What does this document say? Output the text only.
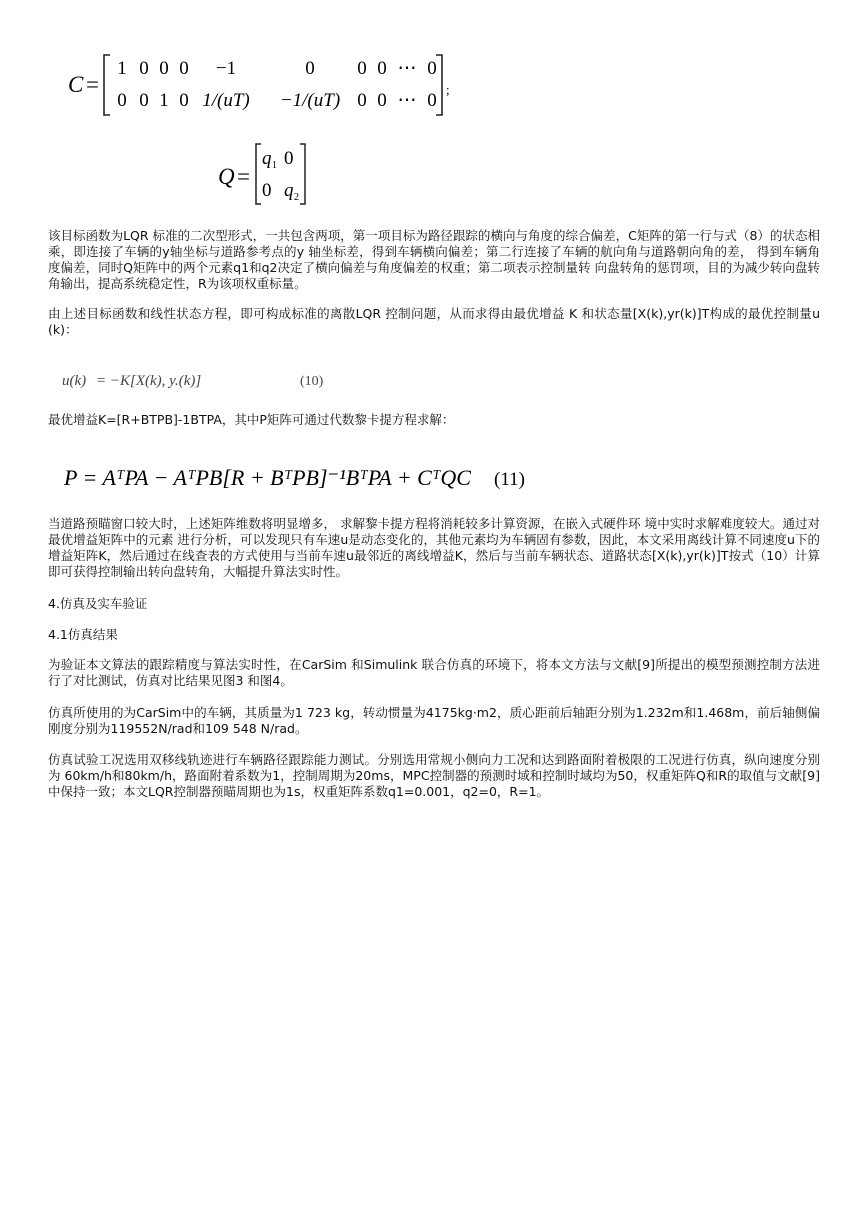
C =
1 0 0 0 −1	0 0 0 ⋯ 0
0 0 1 0 1/(uT) −1/(uT) 0 0 ⋯ 0
;
Q =
q 1 0
0 q 2
该目标函数为LQR 标准的二次型形式，一共包含两项，第一项目标为路径跟踪的横向与角度的综合偏差，C矩阵的第一行与式（8）的状态相乘，即连接了车辆的y轴坐标与道路参考点的y 轴坐标差，得到车辆横向偏差；第二行连接了车辆的航向角与道路朝向角的差， 得到车辆角度偏差，同时Q矩阵中的两个元素q1和q2决定了横向偏差与角度偏差的权重；第二项表示控制量转 向盘转角的惩罚项，目的为减少转向盘转角输出，提高系统稳定性，R为该项权重标量。
由上述目标函数和线性状态方程，即可构成标准的离散LQR 控制问题，从而求得由最优增益 K 和状态量[X(k),yr(k)]T构成的最优控制量u(k)：
u(k) = −K[X(k), y.(k)]	(10)
最优增益K=[R+BTPB]-1BTPA，其中P矩阵可通过代数黎卡提方程求解：
P = AᵀPA − AᵀPB[R + BᵀPB]⁻¹BᵀPA + CᵀQC (11)
当道路预瞄窗口较大时，上述矩阵维数将明显增多， 求解黎卡提方程将消耗较多计算资源，在嵌入式硬件环 境中实时求解难度较大。通过对最优增益矩阵中的元素 进行分析，可以发现只有车速u是动态变化的，其他元素均为车辆固有参数，因此，本文采用离线计算不同速度u下的增益矩阵K，然后通过在线查表的方式使用与当前车速u最邻近的离线增益K，然后与当前车辆状态、道路状态[X(k),yr(k)]T按式（10）计算即可获得控制输出转向盘转角，大幅提升算法实时性。
4.仿真及实车验证
4.1仿真结果
为验证本文算法的跟踪精度与算法实时性，在CarSim 和Simulink 联合仿真的环境下，将本文方法与文献[9]所提出的模型预测控制方法进行了对比测试，仿真对比结果见图3 和图4。
仿真所使用的为CarSim中的车辆，其质量为1 723 kg，转动惯量为4175kg·m2，质心距前后轴距分别为1.232m和1.468m，前后轴侧偏刚度分别为119552N/rad和109 548 N/rad。
仿真试验工况选用双移线轨迹进行车辆路径跟踪能力测试。分别选用常规小侧向力工况和达到路面附着极限的工况进行仿真，纵向速度分别为 60km/h和80km/h，路面附着系数为1，控制周期为20ms，MPC控制器的预测时域和控制时域均为50，权重矩阵Q和R的取值与文献[9]中保持一致；本文LQR控制器预瞄周期也为1s，权重矩阵系数q1=0.001，q2=0，R=1。
